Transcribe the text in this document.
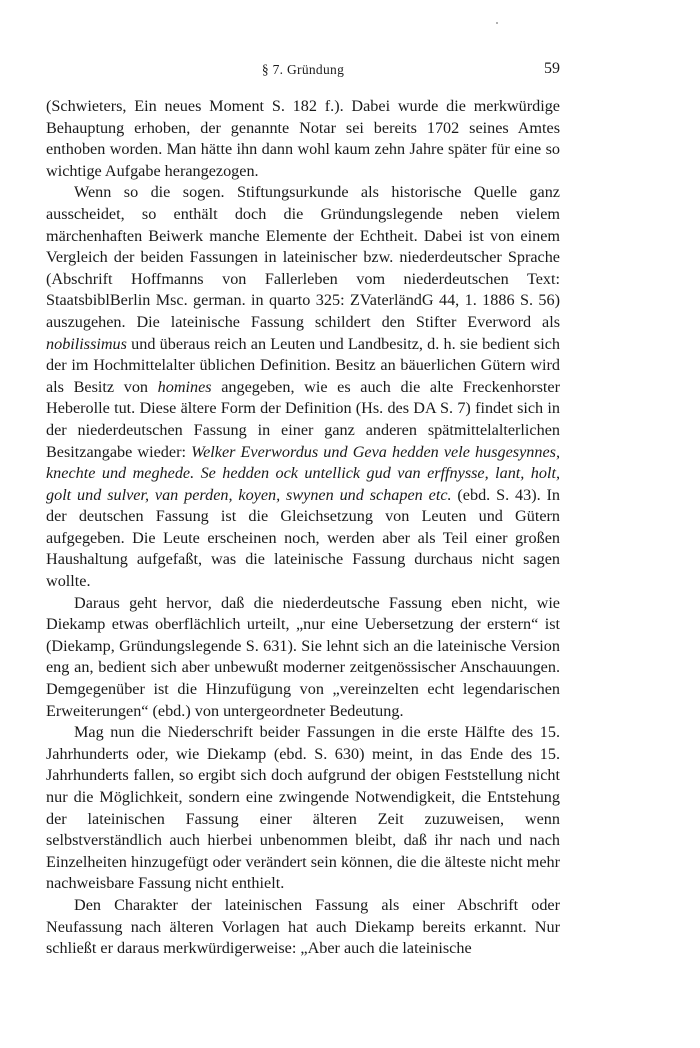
§ 7. Gründung	59

(Schwieters, Ein neues Moment S. 182 f.). Dabei wurde die merkwürdige Behauptung erhoben, der genannte Notar sei bereits 1702 seines Amtes enthoben worden. Man hätte ihn dann wohl kaum zehn Jahre später für eine so wichtige Aufgabe herangezogen.

Wenn so die sogen. Stiftungsurkunde als historische Quelle ganz ausscheidet, so enthält doch die Gründungslegende neben vielem märchenhaften Beiwerk manche Elemente der Echtheit. Dabei ist von einem Vergleich der beiden Fassungen in lateinischer bzw. niederdeutscher Sprache (Abschrift Hoffmanns von Fallerleben vom niederdeutschen Text: StaatsbiblBerlin Msc. german. in quarto 325: ZVaterländG 44, 1. 1886 S. 56) auszugehen. Die lateinische Fassung schildert den Stifter Everword als nobilissimus und überaus reich an Leuten und Landbesitz, d. h. sie bedient sich der im Hochmittelalter üblichen Definition. Besitz an bäuerlichen Gütern wird als Besitz von homines angegeben, wie es auch die alte Freckenhorster Heberolle tut. Diese ältere Form der Definition (Hs. des DA S. 7) findet sich in der niederdeutschen Fassung in einer ganz anderen spätmittelalterlichen Besitzangabe wieder: Welker Everwordus und Geva hedden vele husgesynnes, knechte und meghede. Se hedden ock untellick gud van erffnysse, lant, holt, golt und sulver, van perden, koyen, swynen und schapen etc. (ebd. S. 43). In der deutschen Fassung ist die Gleichsetzung von Leuten und Gütern aufgegeben. Die Leute erscheinen noch, werden aber als Teil einer großen Haushaltung aufgefaßt, was die lateinische Fassung durchaus nicht sagen wollte.

Daraus geht hervor, daß die niederdeutsche Fassung eben nicht, wie Diekamp etwas oberflächlich urteilt, „nur eine Uebersetzung der erstern“ ist (Diekamp, Gründungslegende S. 631). Sie lehnt sich an die lateinische Version eng an, bedient sich aber unbewußt moderner zeitgenössischer Anschauungen. Demgegenüber ist die Hinzufügung von „vereinzelten echt legendarischen Erweiterungen“ (ebd.) von untergeordneter Bedeutung.

Mag nun die Niederschrift beider Fassungen in die erste Hälfte des 15. Jahrhunderts oder, wie Diekamp (ebd. S. 630) meint, in das Ende des 15. Jahrhunderts fallen, so ergibt sich doch aufgrund der obigen Feststellung nicht nur die Möglichkeit, sondern eine zwingende Notwendigkeit, die Entstehung der lateinischen Fassung einer älteren Zeit zuzuweisen, wenn selbstverständlich auch hierbei unbenommen bleibt, daß ihr nach und nach Einzelheiten hinzugefügt oder verändert sein können, die die älteste nicht mehr nachweisbare Fassung nicht enthielt.

Den Charakter der lateinischen Fassung als einer Abschrift oder Neufassung nach älteren Vorlagen hat auch Diekamp bereits erkannt. Nur schließt er daraus merkwürdigerweise: „Aber auch die lateinische
